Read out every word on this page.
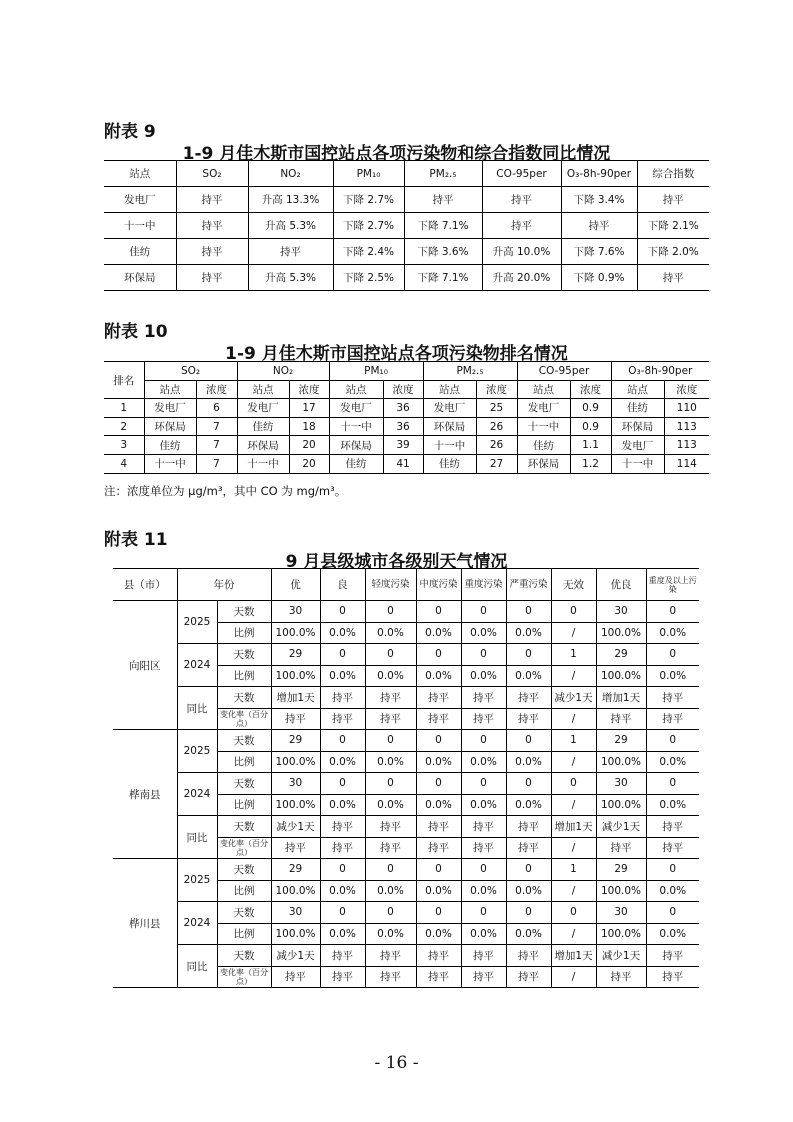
附表 9
1-9 月佳木斯市国控站点各项污染物和综合指数同比情况
站点	SO₂	NO₂	PM₁₀	PM₂.₅	CO-95per	O₃-8h-90per	综合指数
发电厂	持平	升高 13.3%	下降 2.7%	持平	持平	下降 3.4%	持平
十一中	持平	升高 5.3%	下降 2.7%	下降 7.1%	持平	持平	下降 2.1%
佳纺	持平	持平	下降 2.4%	下降 3.6%	升高 10.0%	下降 7.6%	下降 2.0%
环保局	持平	升高 5.3%	下降 2.5%	下降 7.1%	升高 20.0%	下降 0.9%	持平
附表 10
1-9 月佳木斯市国控站点各项污染物排名情况
排名	SO₂		NO₂		PM₁₀		PM₂.₅		CO-95per		O₃-8h-90per	
	站点	浓度	站点	浓度	站点	浓度	站点	浓度	站点	浓度	站点	浓度
1	发电厂	6	发电厂	17	发电厂	36	发电厂	25	发电厂	0.9	佳纺	110
2	环保局	7	佳纺	18	十一中	36	环保局	26	十一中	0.9	环保局	113
3	佳纺	7	环保局	20	环保局	39	十一中	26	佳纺	1.1	发电厂	113
4	十一中	7	十一中	20	佳纺	41	佳纺	27	环保局	1.2	十一中	114
注：浓度单位为 μg/m³，其中 CO 为 mg/m³。
附表 11
9 月县级城市各级别天气情况
县（市）	年份		优	良	轻度污染	中度污染	重度污染	严重污染	无效	优良	重度及以上污染
向阳区	2025	天数	30	0	0	0	0	0	0	30	0
		比例	100.0%	0.0%	0.0%	0.0%	0.0%	0.0%	/	100.0%	0.0%
	2024	天数	29	0	0	0	0	0	1	29	0
		比例	100.0%	0.0%	0.0%	0.0%	0.0%	0.0%	/	100.0%	0.0%
	同比	天数	增加1天	持平	持平	持平	持平	持平	减少1天	增加1天	持平
		变化率（百分点）	持平	持平	持平	持平	持平	持平	/	持平	持平
桦南县	2025	天数	29	0	0	0	0	0	1	29	0
		比例	100.0%	0.0%	0.0%	0.0%	0.0%	0.0%	/	100.0%	0.0%
	2024	天数	30	0	0	0	0	0	0	30	0
		比例	100.0%	0.0%	0.0%	0.0%	0.0%	0.0%	/	100.0%	0.0%
	同比	天数	减少1天	持平	持平	持平	持平	持平	增加1天	减少1天	持平
		变化率（百分点）	持平	持平	持平	持平	持平	持平	/	持平	持平
桦川县	2025	天数	29	0	0	0	0	0	1	29	0
		比例	100.0%	0.0%	0.0%	0.0%	0.0%	0.0%	/	100.0%	0.0%
	2024	天数	30	0	0	0	0	0	0	30	0
		比例	100.0%	0.0%	0.0%	0.0%	0.0%	0.0%	/	100.0%	0.0%
	同比	天数	减少1天	持平	持平	持平	持平	持平	增加1天	减少1天	持平
		变化率（百分点）	持平	持平	持平	持平	持平	持平	/	持平	持平
- 16 -
